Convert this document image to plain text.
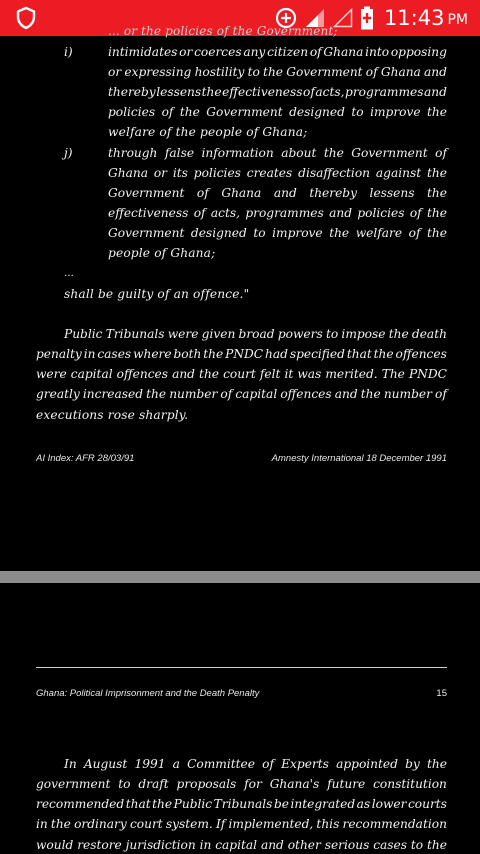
11:43 PM
... or the policies of the Government;
i)	intimidates or coerces any citizen of Ghana into opposing
or expressing hostility to the Government of Ghana and
thereby lessens the effectiveness of acts, programmes and
policies of the Government designed to improve the
welfare of the people of Ghana;
j)	through false information about the Government of
Ghana or its policies creates disaffection against the
Government of Ghana and thereby lessens the
effectiveness of acts, programmes and policies of the
Government designed to improve the welfare of the
people of Ghana;
...
shall be guilty of an offence."
Public Tribunals were given broad powers to impose the death
penalty in cases where both the PNDC had specified that the offences
were capital offences and the court felt it was merited. The PNDC
greatly increased the number of capital offences and the number of
executions rose sharply.
AI Index: AFR 28/03/91	Amnesty International 18 December 1991
Ghana: Political Imprisonment and the Death Penalty	15
In August 1991 a Committee of Experts appointed by the
government to draft proposals for Ghana's future constitution
recommended that the Public Tribunals be integrated as lower courts
in the ordinary court system. If implemented, this recommendation
would restore jurisdiction in capital and other serious cases to the
